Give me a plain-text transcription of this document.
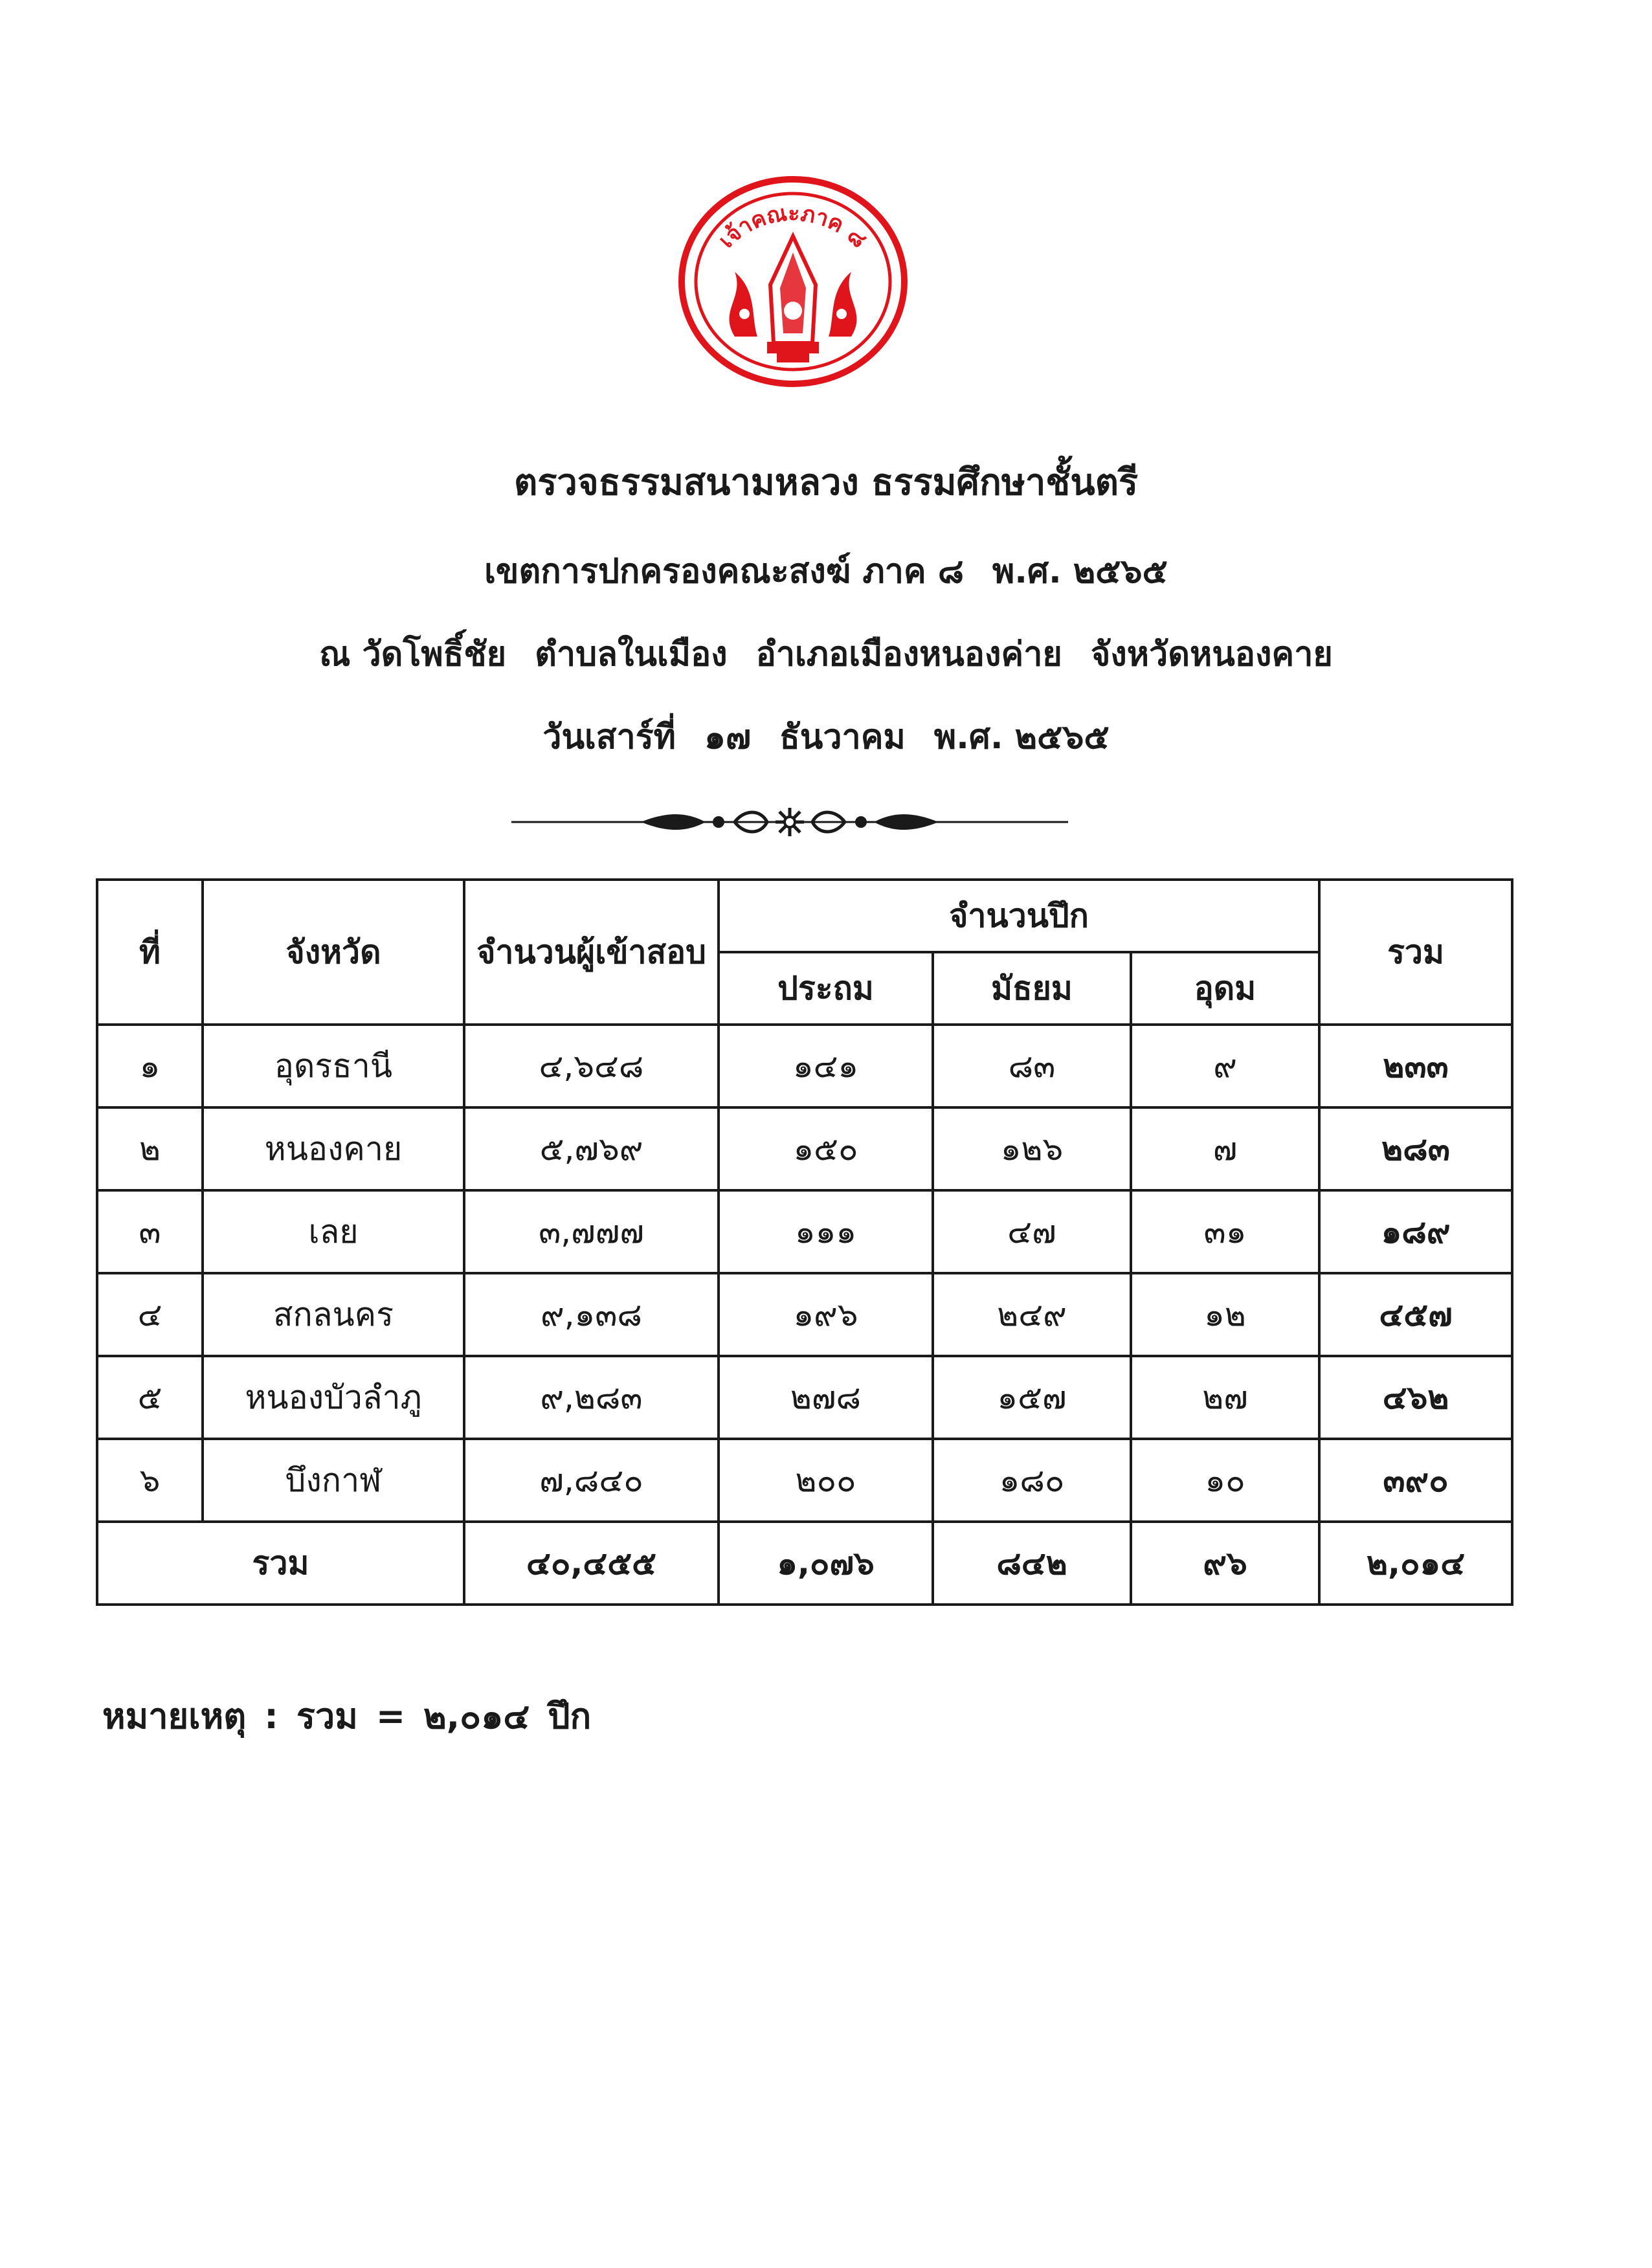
เจ้าคณะภาค ๘
ตรวจธรรมสนามหลวง ธรรมศึกษาชั้นตรี
เขตการปกครองคณะสงฆ์ ภาค ๘ พ.ศ. ๒๕๖๕
ณ วัดโพธิ์ชัย ตำบลในเมือง อำเภอเมืองหนองค่าย จังหวัดหนองคาย
วันเสาร์ที่ ๑๗ ธันวาคม พ.ศ. ๒๕๖๕
ที่	จังหวัด	จำนวนผู้เข้าสอบ	จำนวนปึก			รวม
			ประถม	มัธยม	อุดม	
๑	อุดรธานี	๔,๖๔๘	๑๔๑	๘๓	๙	๒๓๓
๒	หนองคาย	๕,๗๖๙	๑๕๐	๑๒๖	๗	๒๘๓
๓	เลย	๓,๗๗๗	๑๑๑	๔๗	๓๑	๑๘๙
๔	สกลนคร	๙,๑๓๘	๑๙๖	๒๔๙	๑๒	๔๕๗
๕	หนองบัวลำภู	๙,๒๘๓	๒๗๘	๑๕๗	๒๗	๔๖๒
๖	บึงกาฬ	๗,๘๔๐	๒๐๐	๑๘๐	๑๐	๓๙๐
รวม		๔๐,๔๕๕	๑,๐๗๖	๘๔๒	๙๖	๒,๐๑๔
หมายเหตุ : รวม = ๒,๐๑๔ ปึก
